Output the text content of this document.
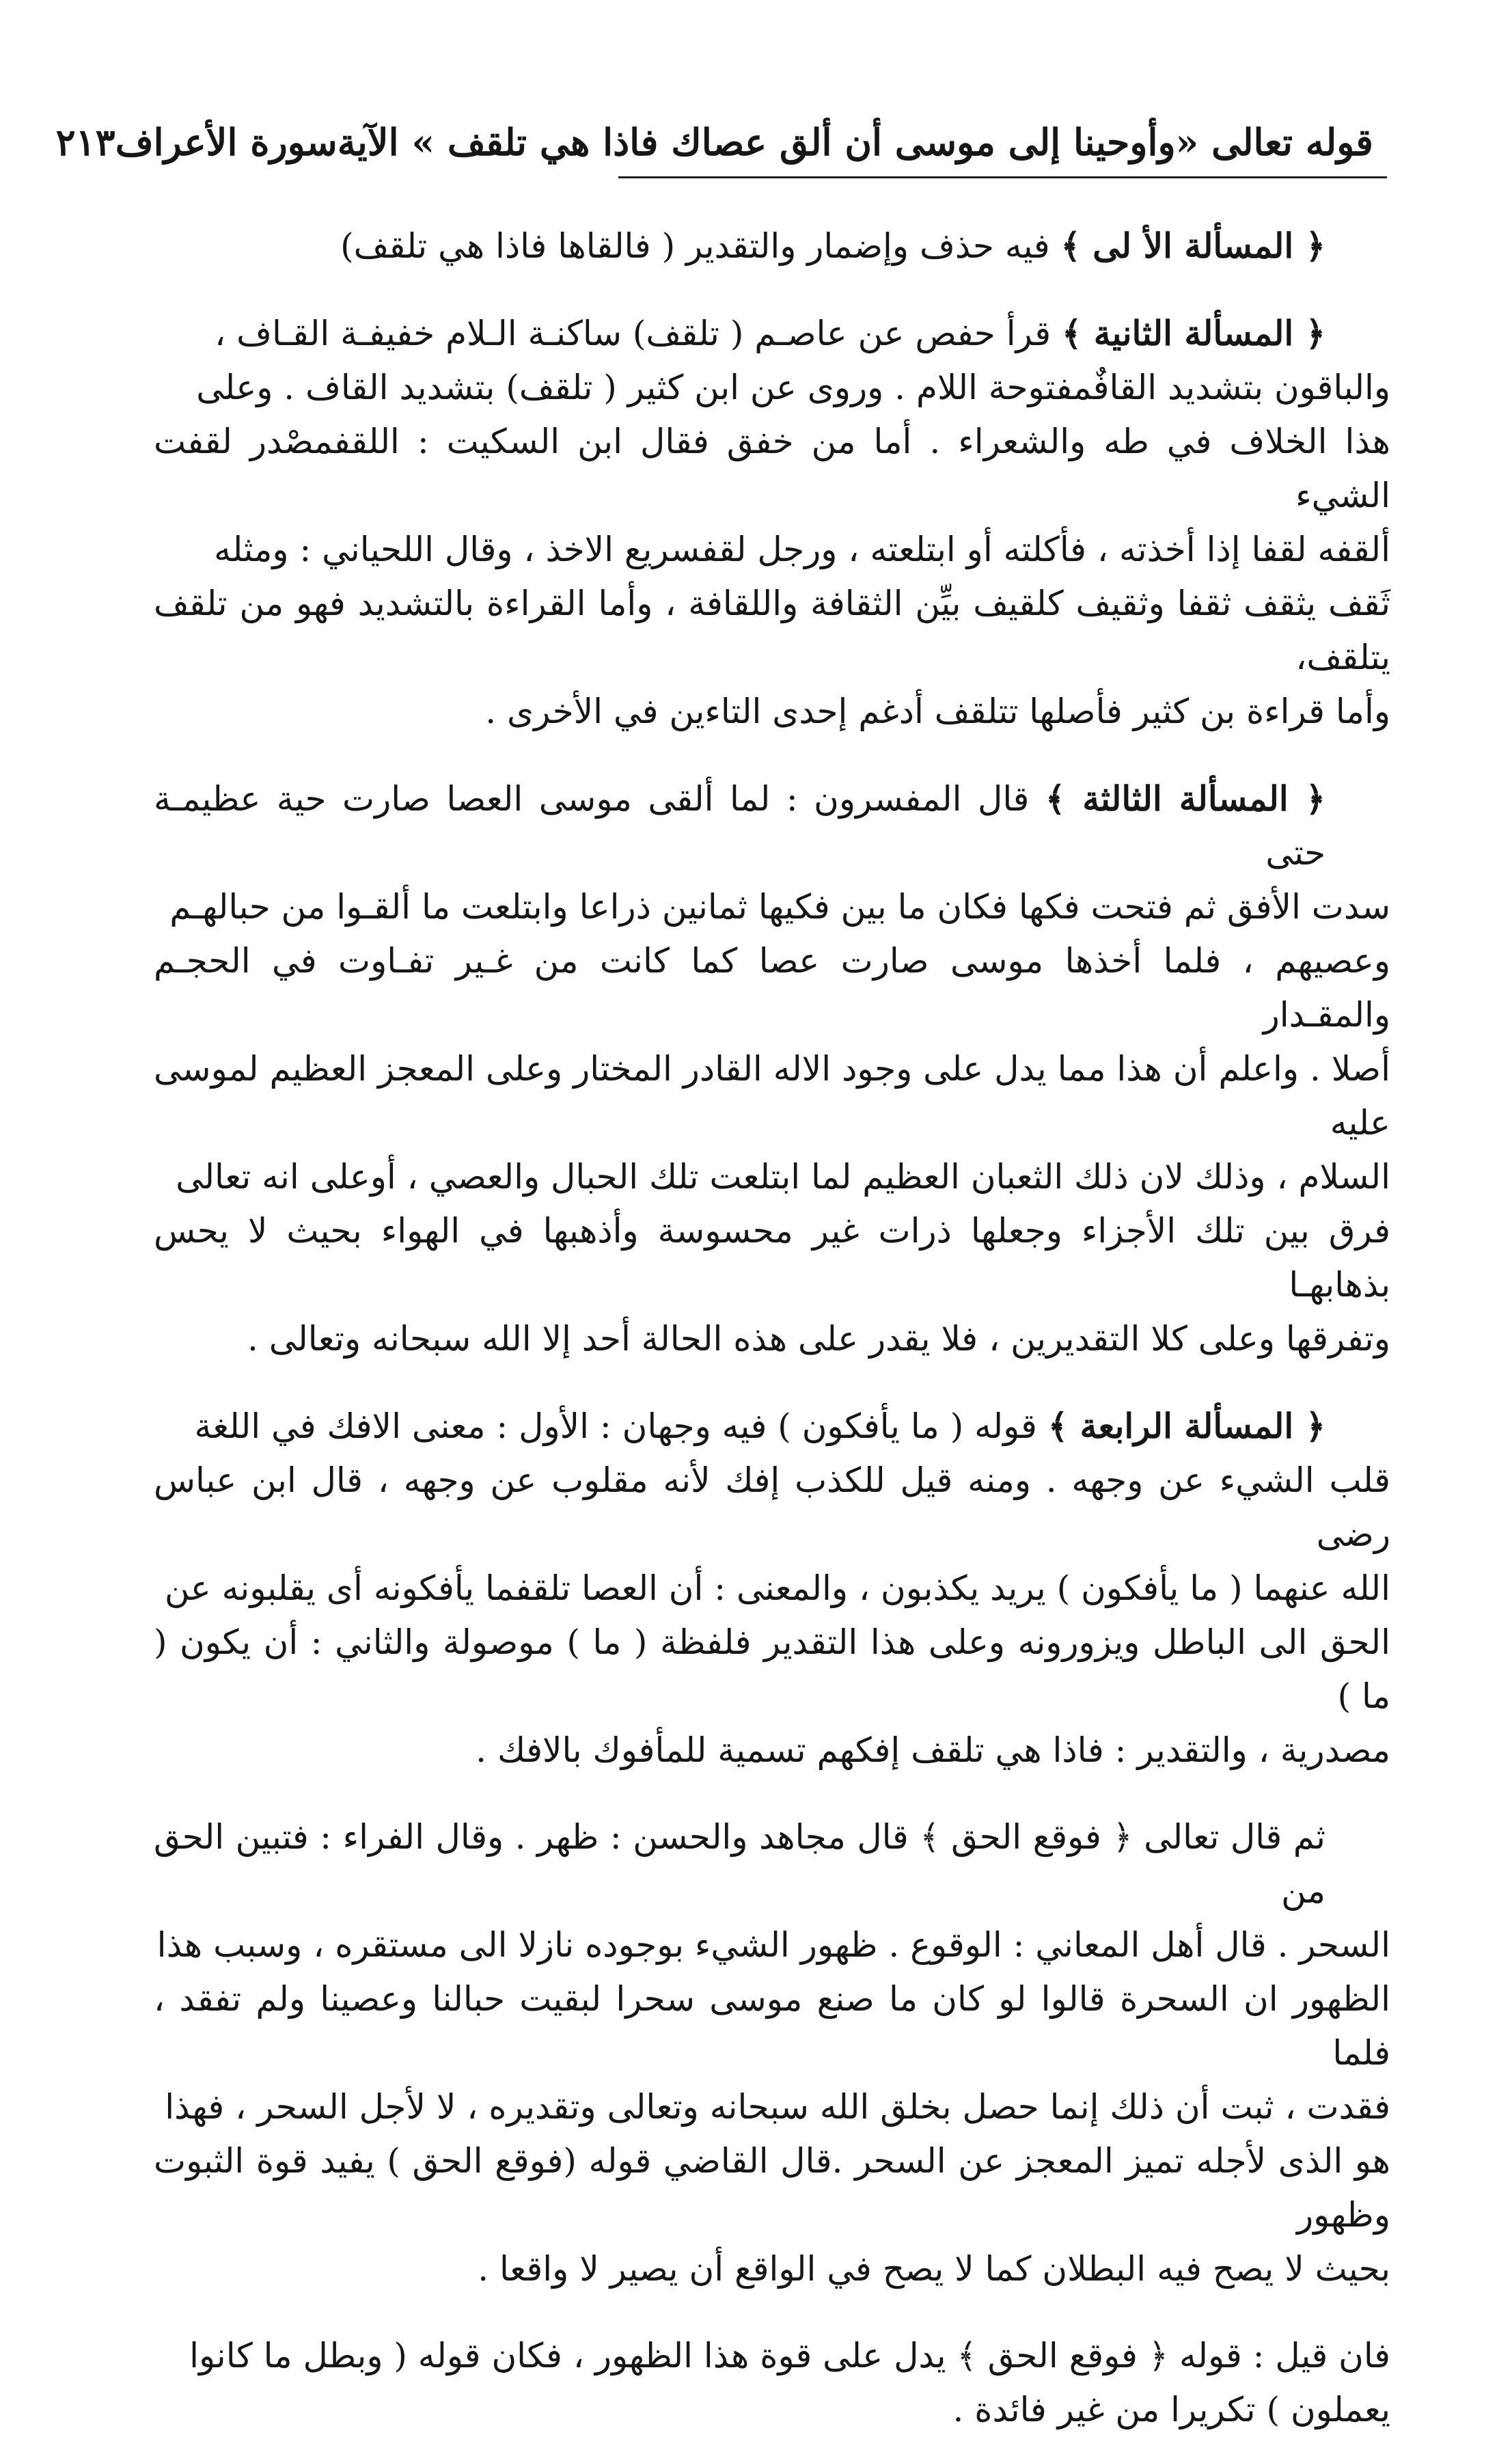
قوله تعالى «وأوحينا إلى موسى أن ألق عصاك فاذا هي تلقف » الآيةسورة الأعراف
٢١٣
﴿ المسألة الأ لى ﴾ فيه حذف وإضمار والتقدير ( فالقاها فاذا هي تلقف)
﴿ المسألة الثانية ﴾ قرأ حفص عن عاصـم ( تلقف) ساكنـة الـلام خفيفـة القـاف ،
والباقون بتشديد القافٌمفتوحة اللام . وروى عن ابن كثير ( تلقف) بتشديد القاف . وعلى
هذا الخلاف في طه والشعراء . أما من خفق فقال ابن السكيت : اللقفمصْدر لقفت الشيء
ألقفه لقفا إذا أخذته ، فأكلته أو ابتلعته ، ورجل لقفسريع الاخذ ، وقال اللحياني : ومثله
ثَقف يثقف ثقفا وثقيف كلقيف بيِّن الثقافة واللقافة ، وأما القراءة بالتشديد فهو من تلقف يتلقف،
وأما قراءة بن كثير فأصلها تتلقف أدغم إحدى التاءين في الأخرى .
﴿ المسألة الثالثة ﴾ قال المفسرون : لما ألقى موسى العصا صارت حية عظيمـة حتى
سدت الأفق ثم فتحت فكها فكان ما بين فكيها ثمانين ذراعا وابتلعت ما ألقـوا من حبالهـم
وعصيهم ، فلما أخذها موسى صارت عصا كما كانت من غـير تفـاوت في الحجـم والمقـدار
أصلا . واعلم أن هذا مما يدل على وجود الاله القادر المختار وعلى المعجز العظيم لموسى عليه
السلام ، وذلك لان ذلك الثعبان العظيم لما ابتلعت تلك الحبال والعصي ، أوعلى انه تعالى
فرق بين تلك الأجزاء وجعلها ذرات غير محسوسة وأذهبها في الهواء بحيث لا يحس بذهابهـا
وتفرقها وعلى كلا التقديرين ، فلا يقدر على هذه الحالة أحد إلا الله سبحانه وتعالى .
﴿ المسألة الرابعة ﴾ قوله ( ما يأفكون ) فيه وجهان : الأول : معنى الافك في اللغة
قلب الشيء عن وجهه . ومنه قيل للكذب إفك لأنه مقلوب عن وجهه ، قال ابن عباس رضى
الله عنهما ( ما يأفكون ) يريد يكذبون ، والمعنى : أن العصا تلقفما يأفكونه أى يقلبونه عن
الحق الى الباطل ويزورونه وعلى هذا التقدير فلفظة ( ما ) موصولة والثاني : أن يكون ( ما )
مصدرية ، والتقدير : فاذا هي تلقف إفكهم تسمية للمأفوك بالافك .
ثم قال تعالى ﴿ فوقع الحق ﴾ قال مجاهد والحسن : ظهر . وقال الفراء : فتبين الحق من
السحر . قال أهل المعاني : الوقوع . ظهور الشيء بوجوده نازلا الى مستقره ، وسبب هذا
الظهور ان السحرة قالوا لو كان ما صنع موسى سحرا لبقيت حبالنا وعصينا ولم تفقد ، فلما
فقدت ، ثبت أن ذلك إنما حصل بخلق الله سبحانه وتعالى وتقديره ، لا لأجل السحر ، فهذا
هو الذى لأجله تميز المعجز عن السحر .قال القاضي قوله (فوقع الحق ) يفيد قوة الثبوت وظهور
بحيث لا يصح فيه البطلان كما لا يصح في الواقع أن يصير لا واقعا .
فان قيل : قوله ﴿ فوقع الحق ﴾ يدل على قوة هذا الظهور ، فكان قوله ( وبطل ما كانوا
يعملون ) تكريرا من غير فائدة .
